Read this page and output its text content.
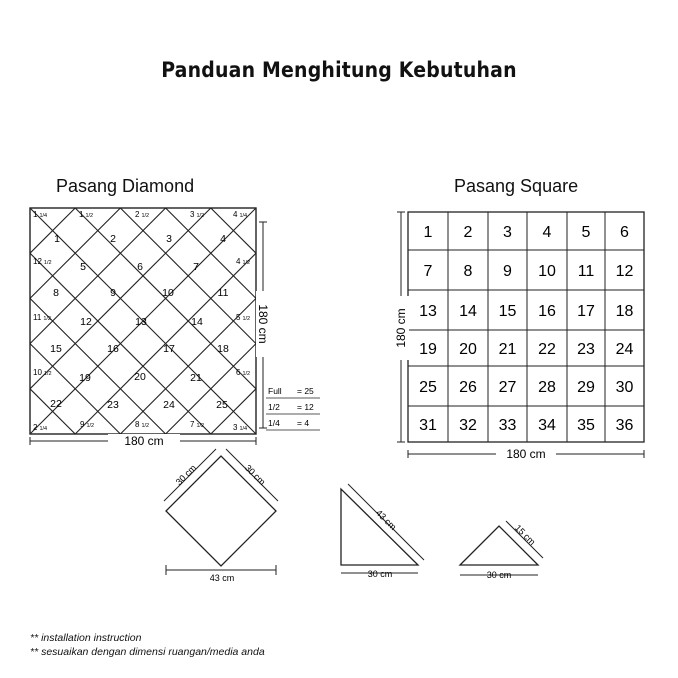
Panduan Menghitung Kebutuhan
Pasang Diamond	Pasang Square
1	2	3	4
5	6	7
8	9	10	11
12	13	14
15	16	17	18
19	20	21
22	23	24	25
1 1/2	2 1/2	3 1/2
4 1/2
5 1/2
6 1/2
7 1/2
8 1/2
9 1/2
10 1/2
11 1/2
12 1/2
1 1/4	4 1/4
2 1/4	3 1/4
180 cm
180 cm
Full = 25
1/2 = 12
1/4 = 4
1 2 3 4 5 6
7 8 9 10 11 12
13 14 15 16 17 18
19 20 21 22 23 24
25 26 27 28 29 30
31 32 33 34 35 36
180 cm
180 cm
30 cm	30 cm
43 cm
43 cm
30 cm
15 cm
30 cm
** installation instruction
** sesuaikan dengan dimensi ruangan/media anda
